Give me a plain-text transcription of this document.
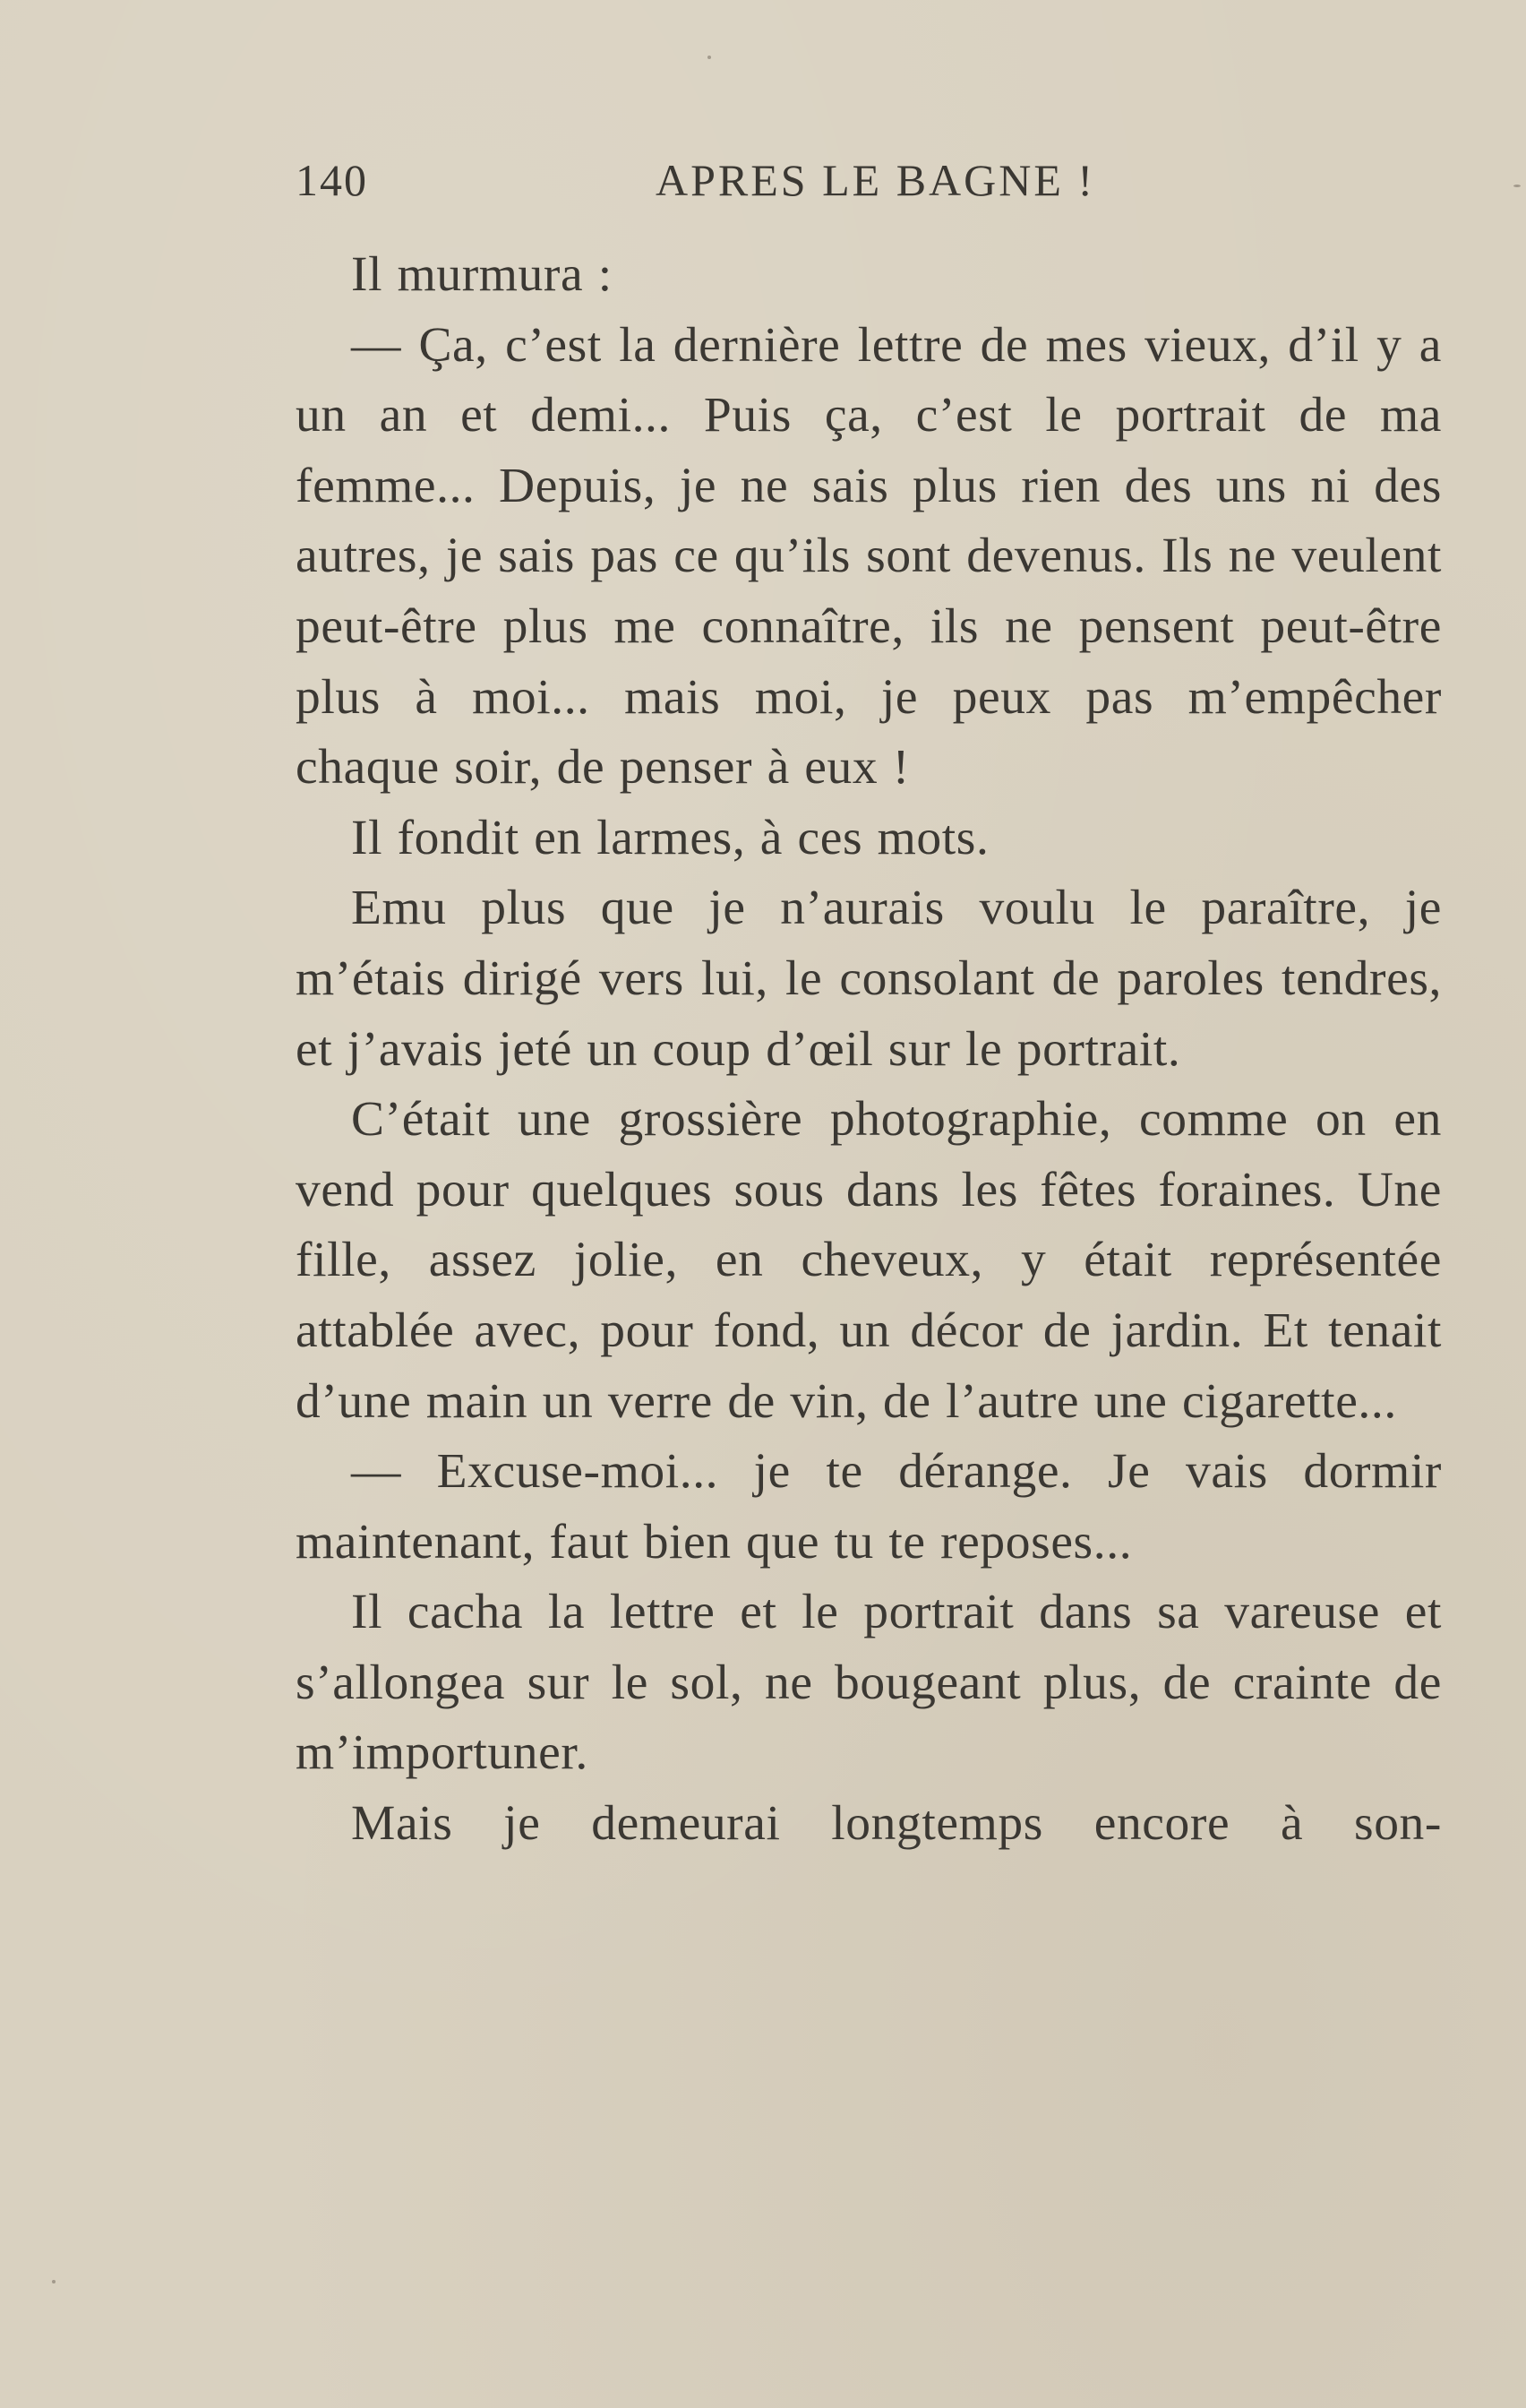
140	APRES LE BAGNE !

Il murmura :

— Ça, c’est la dernière lettre de mes vieux, d’il y a un an et demi... Puis ça, c’est le portrait de ma femme... Depuis, je ne sais plus rien des uns ni des autres, je sais pas ce qu’ils sont devenus. Ils ne veulent peut-être plus me connaître, ils ne pensent peut-être plus à moi... mais moi, je peux pas m’empêcher chaque soir, de penser à eux !

Il fondit en larmes, à ces mots.

Emu plus que je n’aurais voulu le paraître, je m’étais dirigé vers lui, le consolant de paroles tendres, et j’avais jeté un coup d’œil sur le portrait.

C’était une grossière photographie, comme on en vend pour quelques sous dans les fêtes foraines. Une fille, assez jolie, en cheveux, y était représentée attablée avec, pour fond, un décor de jardin. Et tenait d’une main un verre de vin, de l’autre une cigarette...

— Excuse-moi... je te dérange. Je vais dormir maintenant, faut bien que tu te reposes...

Il cacha la lettre et le portrait dans sa vareuse et s’allongea sur le sol, ne bougeant plus, de crainte de m’importuner.

Mais je demeurai longtemps encore à son-
